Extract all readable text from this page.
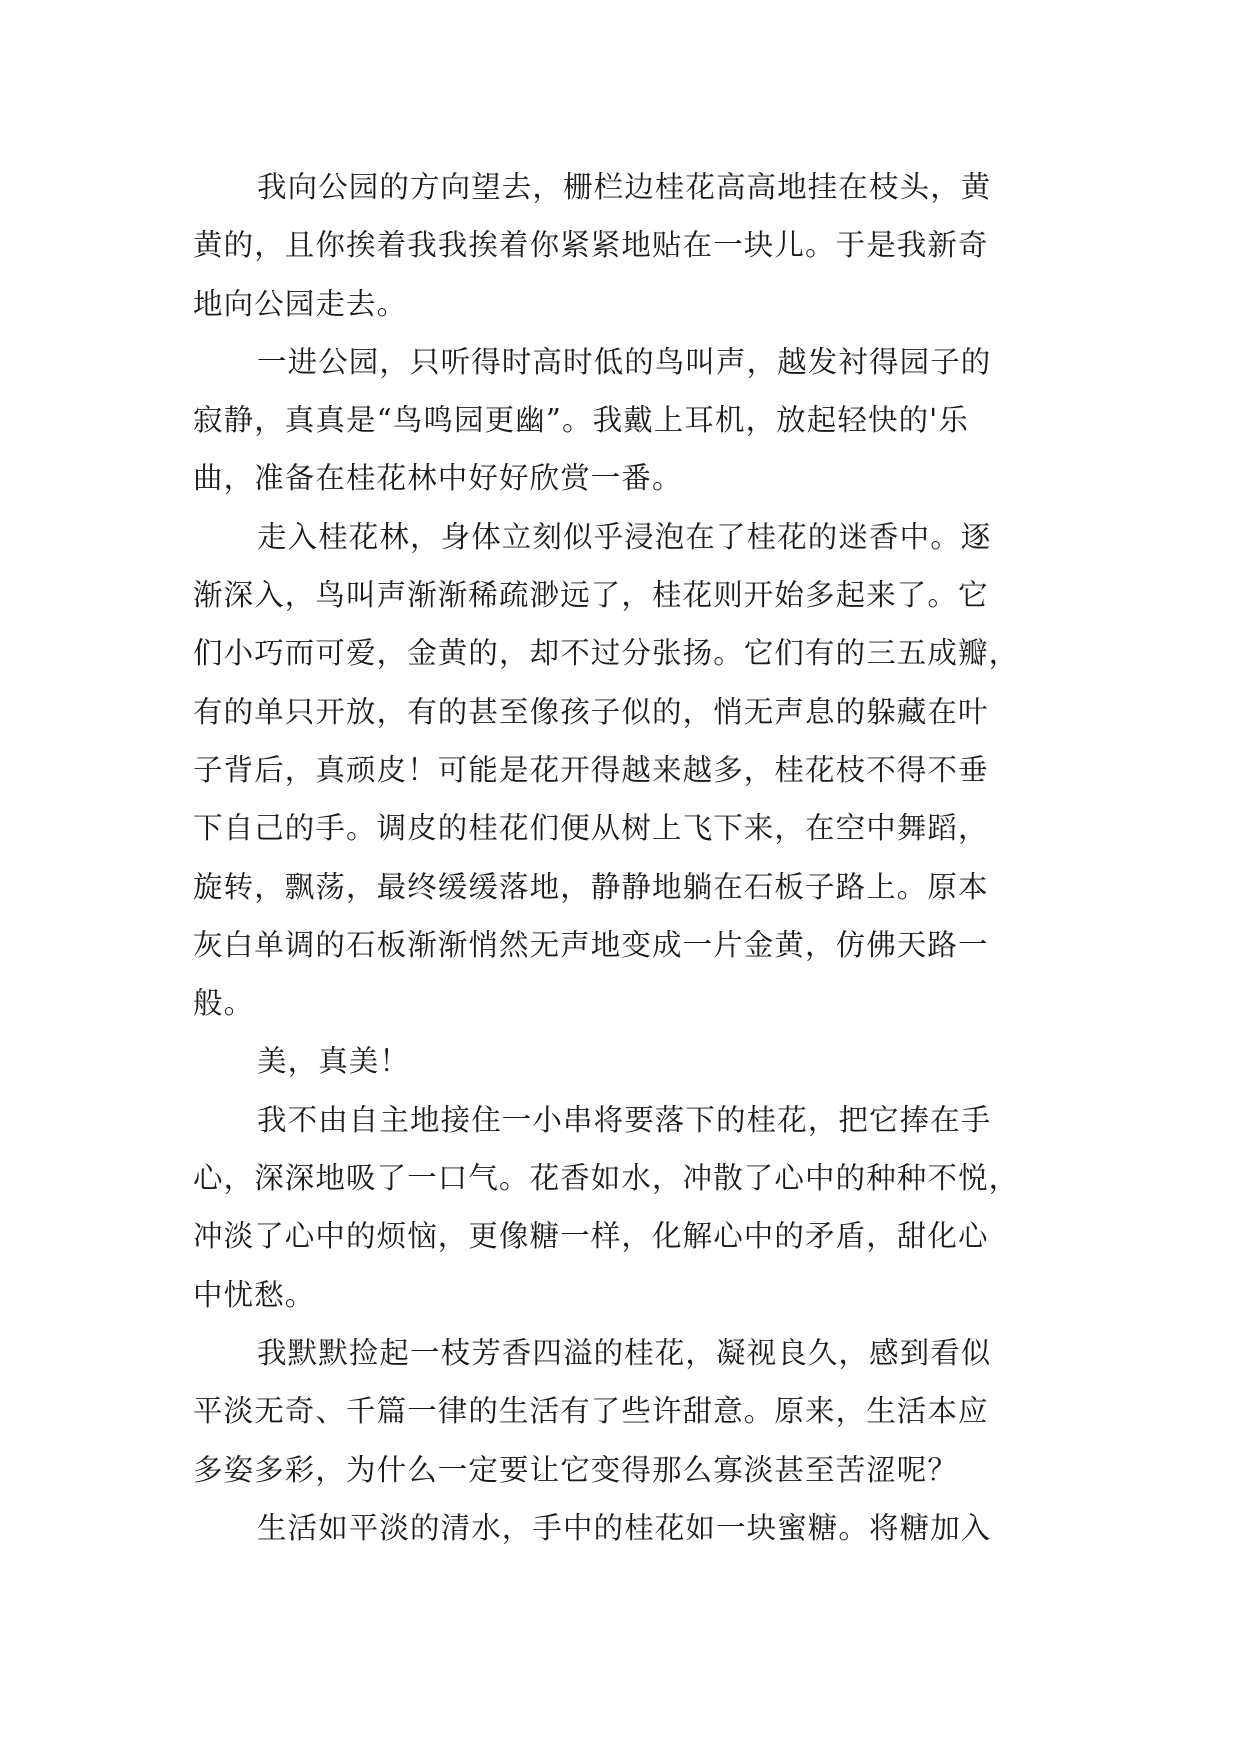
我向公园的方向望去，栅栏边桂花高高地挂在枝头，黄
黄的，且你挨着我我挨着你紧紧地贴在一块儿。于是我新奇
地向公园走去。
一进公园，只听得时高时低的鸟叫声，越发衬得园子的
寂静，真真是“鸟鸣园更幽”。我戴上耳机，放起轻快的'乐
曲，准备在桂花林中好好欣赏一番。
走入桂花林，身体立刻似乎浸泡在了桂花的迷香中。逐
渐深入，鸟叫声渐渐稀疏渺远了，桂花则开始多起来了。它
们小巧而可爱，金黄的，却不过分张扬。它们有的三五成瓣，
有的单只开放，有的甚至像孩子似的，悄无声息的躲藏在叶
子背后，真顽皮！可能是花开得越来越多，桂花枝不得不垂
下自己的手。调皮的桂花们便从树上飞下来，在空中舞蹈，
旋转，飘荡，最终缓缓落地，静静地躺在石板子路上。原本
灰白单调的石板渐渐悄然无声地变成一片金黄，仿佛天路一
般。
美，真美！
我不由自主地接住一小串将要落下的桂花，把它捧在手
心，深深地吸了一口气。花香如水，冲散了心中的种种不悦，
冲淡了心中的烦恼，更像糖一样，化解心中的矛盾，甜化心
中忧愁。
我默默捡起一枝芳香四溢的桂花，凝视良久，感到看似
平淡无奇、千篇一律的生活有了些许甜意。原来，生活本应
多姿多彩，为什么一定要让它变得那么寡淡甚至苦涩呢？
生活如平淡的清水，手中的桂花如一块蜜糖。将糖加入
